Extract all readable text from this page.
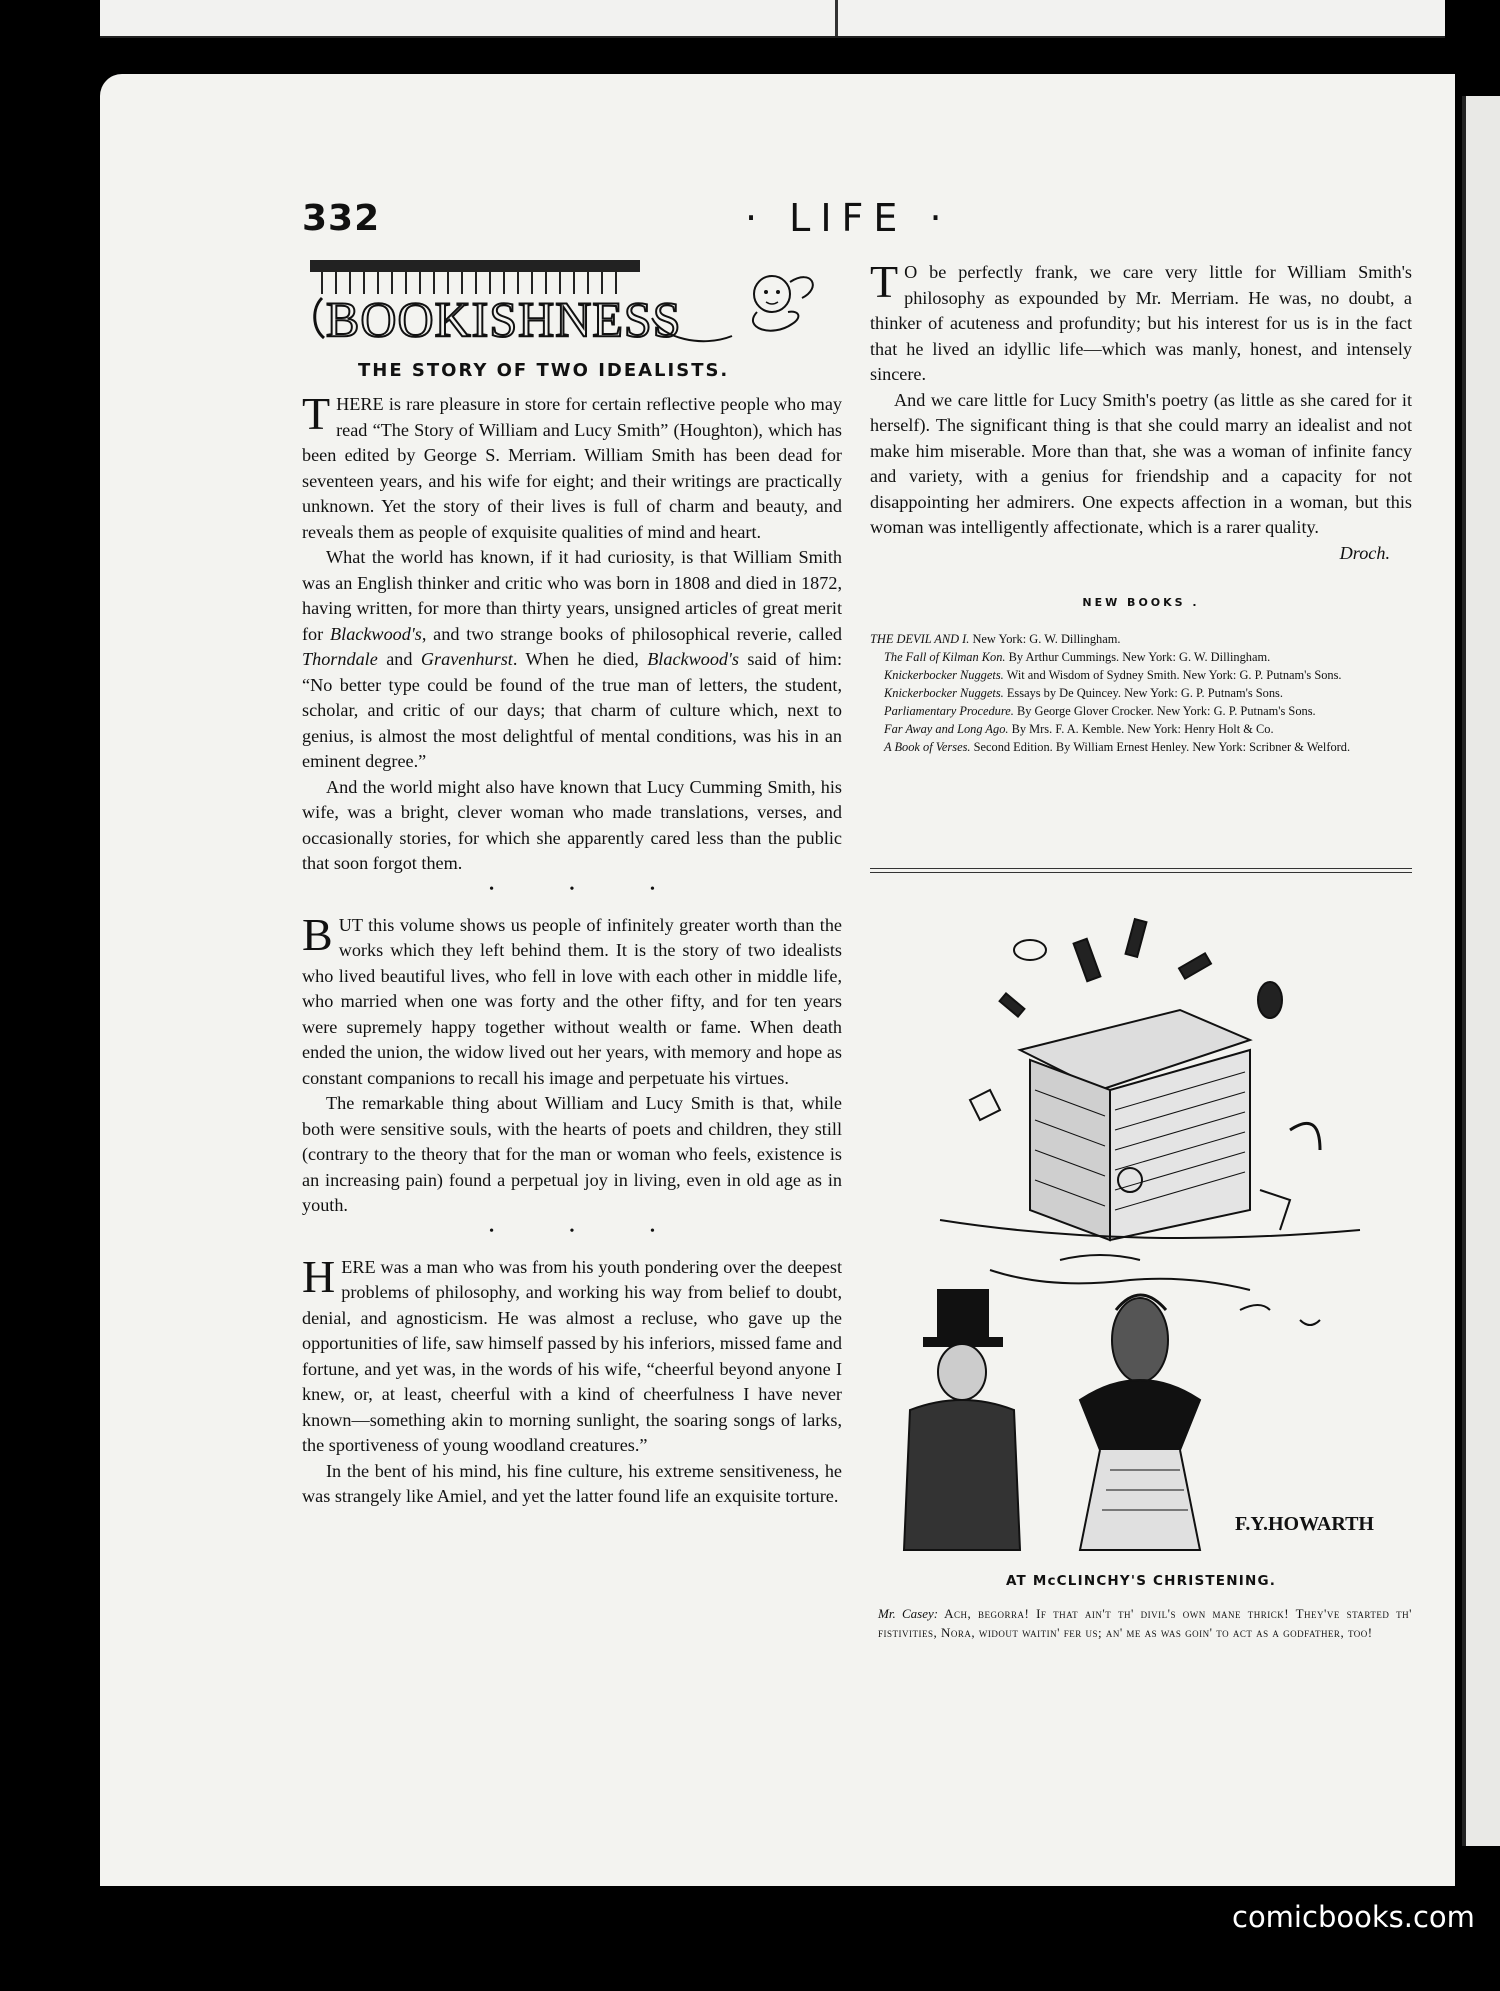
332	· LIFE ·
BOOKISHNESS
THE STORY OF TWO IDEALISTS.

THERE is rare pleasure in store for certain reflective people who may read “The Story of William and Lucy Smith” (Houghton), which has been edited by George S. Merriam. William Smith has been dead for seventeen years, and his wife for eight; and their writings are practically unknown. Yet the story of their lives is full of charm and beauty, and reveals them as people of exquisite qualities of mind and heart.

What the world has known, if it had curiosity, is that William Smith was an English thinker and critic who was born in 1808 and died in 1872, having written, for more than thirty years, unsigned articles of great merit for Blackwood's, and two strange books of philosophical reverie, called Thorndale and Gravenhurst. When he died, Blackwood's said of him: “No better type could be found of the true man of letters, the student, scholar, and critic of our days; that charm of culture which, next to genius, is almost the most delightful of mental conditions, was his in an eminent degree.”

And the world might also have known that Lucy Cumming Smith, his wife, was a bright, clever woman who made translations, verses, and occasionally stories, for which she apparently cared less than the public that soon forgot them.

• • •

BUT this volume shows us people of infinitely greater worth than the works which they left behind them. It is the story of two idealists who lived beautiful lives, who fell in love with each other in middle life, who married when one was forty and the other fifty, and for ten years were supremely happy together without wealth or fame. When death ended the union, the widow lived out her years, with memory and hope as constant companions to recall his image and perpetuate his virtues.

The remarkable thing about William and Lucy Smith is that, while both were sensitive souls, with the hearts of poets and children, they still (contrary to the theory that for the man or woman who feels, existence is an increasing pain) found a perpetual joy in living, even in old age as in youth.

• • •

HERE was a man who was from his youth pondering over the deepest problems of philosophy, and working his way from belief to doubt, denial, and agnosticism. He was almost a recluse, who gave up the opportunities of life, saw himself passed by his inferiors, missed fame and fortune, and yet was, in the words of his wife, “cheerful beyond anyone I knew, or, at least, cheerful with a kind of cheerfulness I have never known—something akin to morning sunlight, the soaring songs of larks, the sportiveness of young woodland creatures.”

In the bent of his mind, his fine culture, his extreme sensitiveness, he was strangely like Amiel, and yet the latter found life an exquisite torture.

T O be perfectly frank, we care very little for William Smith's philosophy as expounded by Mr. Merriam. He was, no doubt, a thinker of acuteness and profundity; but his interest for us is in the fact that he lived an idyllic life—which was manly, honest, and intensely sincere.

And we care little for Lucy Smith's poetry (as little as she cared for it herself). The significant thing is that she could marry an idealist and not make him miserable. More than that, she was a woman of infinite fancy and variety, with a genius for friendship and a capacity for not disappointing her admirers. One expects affection in a woman, but this woman was intelligently affectionate, which is a rarer quality.

Droch.
NEW BOOKS .
THE DEVIL AND I. New York: G. W. Dillingham.
The Fall of Kilman Kon. By Arthur Cummings. New York: G. W. Dillingham.
Knickerbocker Nuggets. Wit and Wisdom of Sydney Smith. New York: G. P. Putnam's Sons.
Knickerbocker Nuggets. Essays by De Quincey. New York: G. P. Putnam's Sons.
Parliamentary Procedure. By George Glover Crocker. New York: G. P. Putnam's Sons.
Far Away and Long Ago. By Mrs. F. A. Kemble. New York: Henry Holt & Co.
A Book of Verses. Second Edition. By William Ernest Henley. New York: Scribner & Welford.
F.Y.HOWARTH
AT McCLINCHY'S CHRISTENING.
Mr. Casey: Ach, begorra! If that ain't th' divil's own mane thrick! They've started th' fistivities, Nora, widout waitin' fer us; an' me as was goin' to act as a godfather, too!
comicbooks.com
